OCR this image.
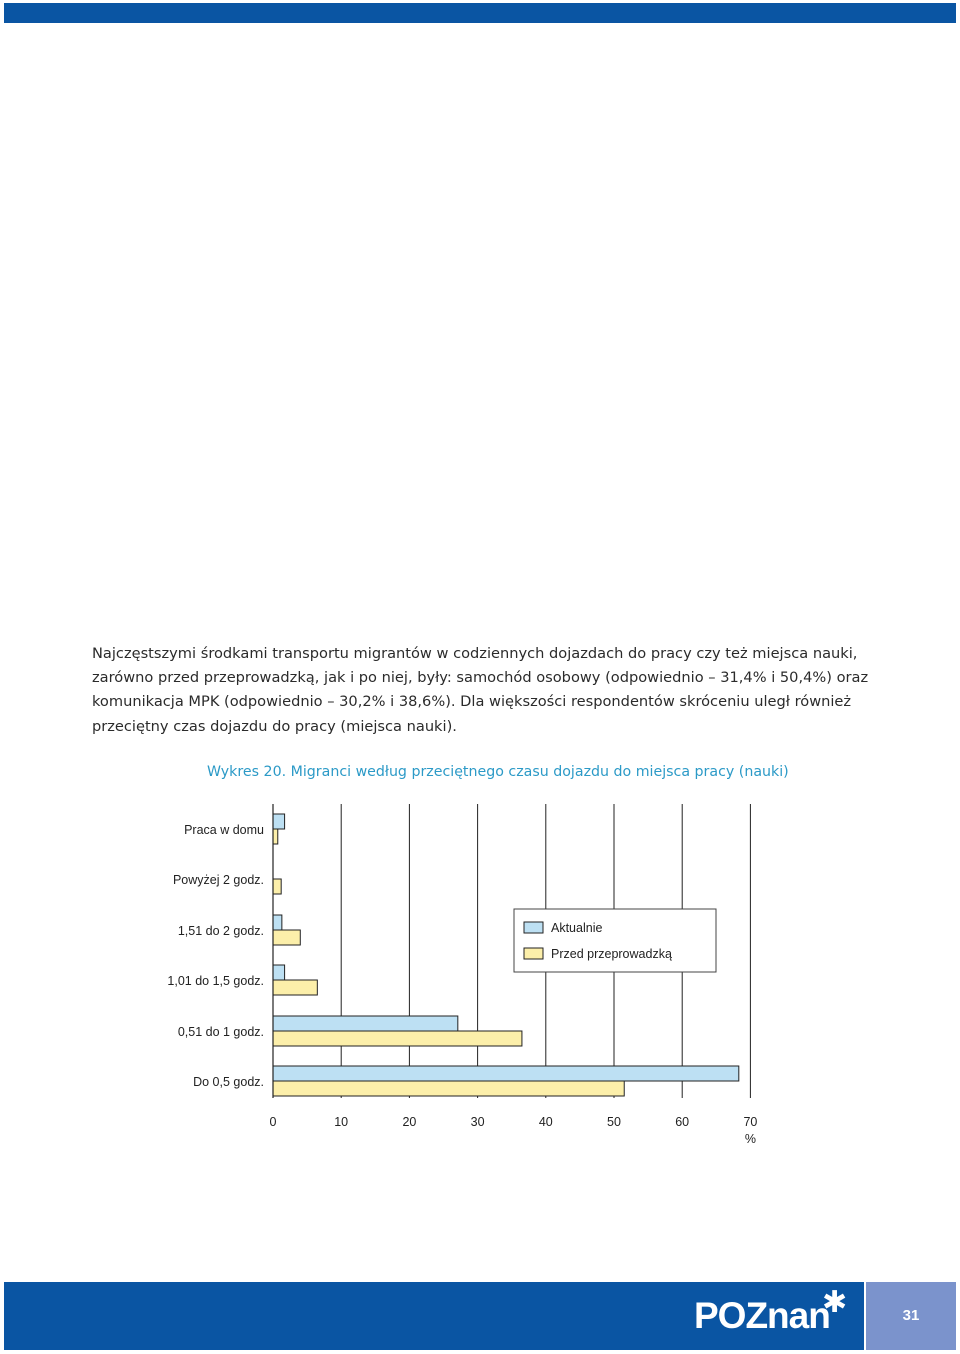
Najczęstszymi środkami transportu migrantów w codziennych dojazdach do pracy czy też miejsca nauki, zarówno przed przeprowadzką, jak i po niej, były: samochód osobowy (odpowiednio – 31,4% i 50,4%) oraz komunikacja MPK (odpowiednio – 30,2% i 38,6%). Dla większości respondentów skróceniu uległ również przeciętny czas dojazdu do pracy (miejsca nauki).
Wykres 20. Migranci według przeciętnego czasu dojazdu do miejsca pracy (nauki)
Praca w domu
Powyżej 2 godz.
1,51 do 2 godz.
1,01 do 1,5 godz.
0,51 do 1 godz.
Do 0,5 godz.
0	10	20	30	40	50	60	70
%
Aktualnie
Przed przeprowadzką
POZnan
✱	31
